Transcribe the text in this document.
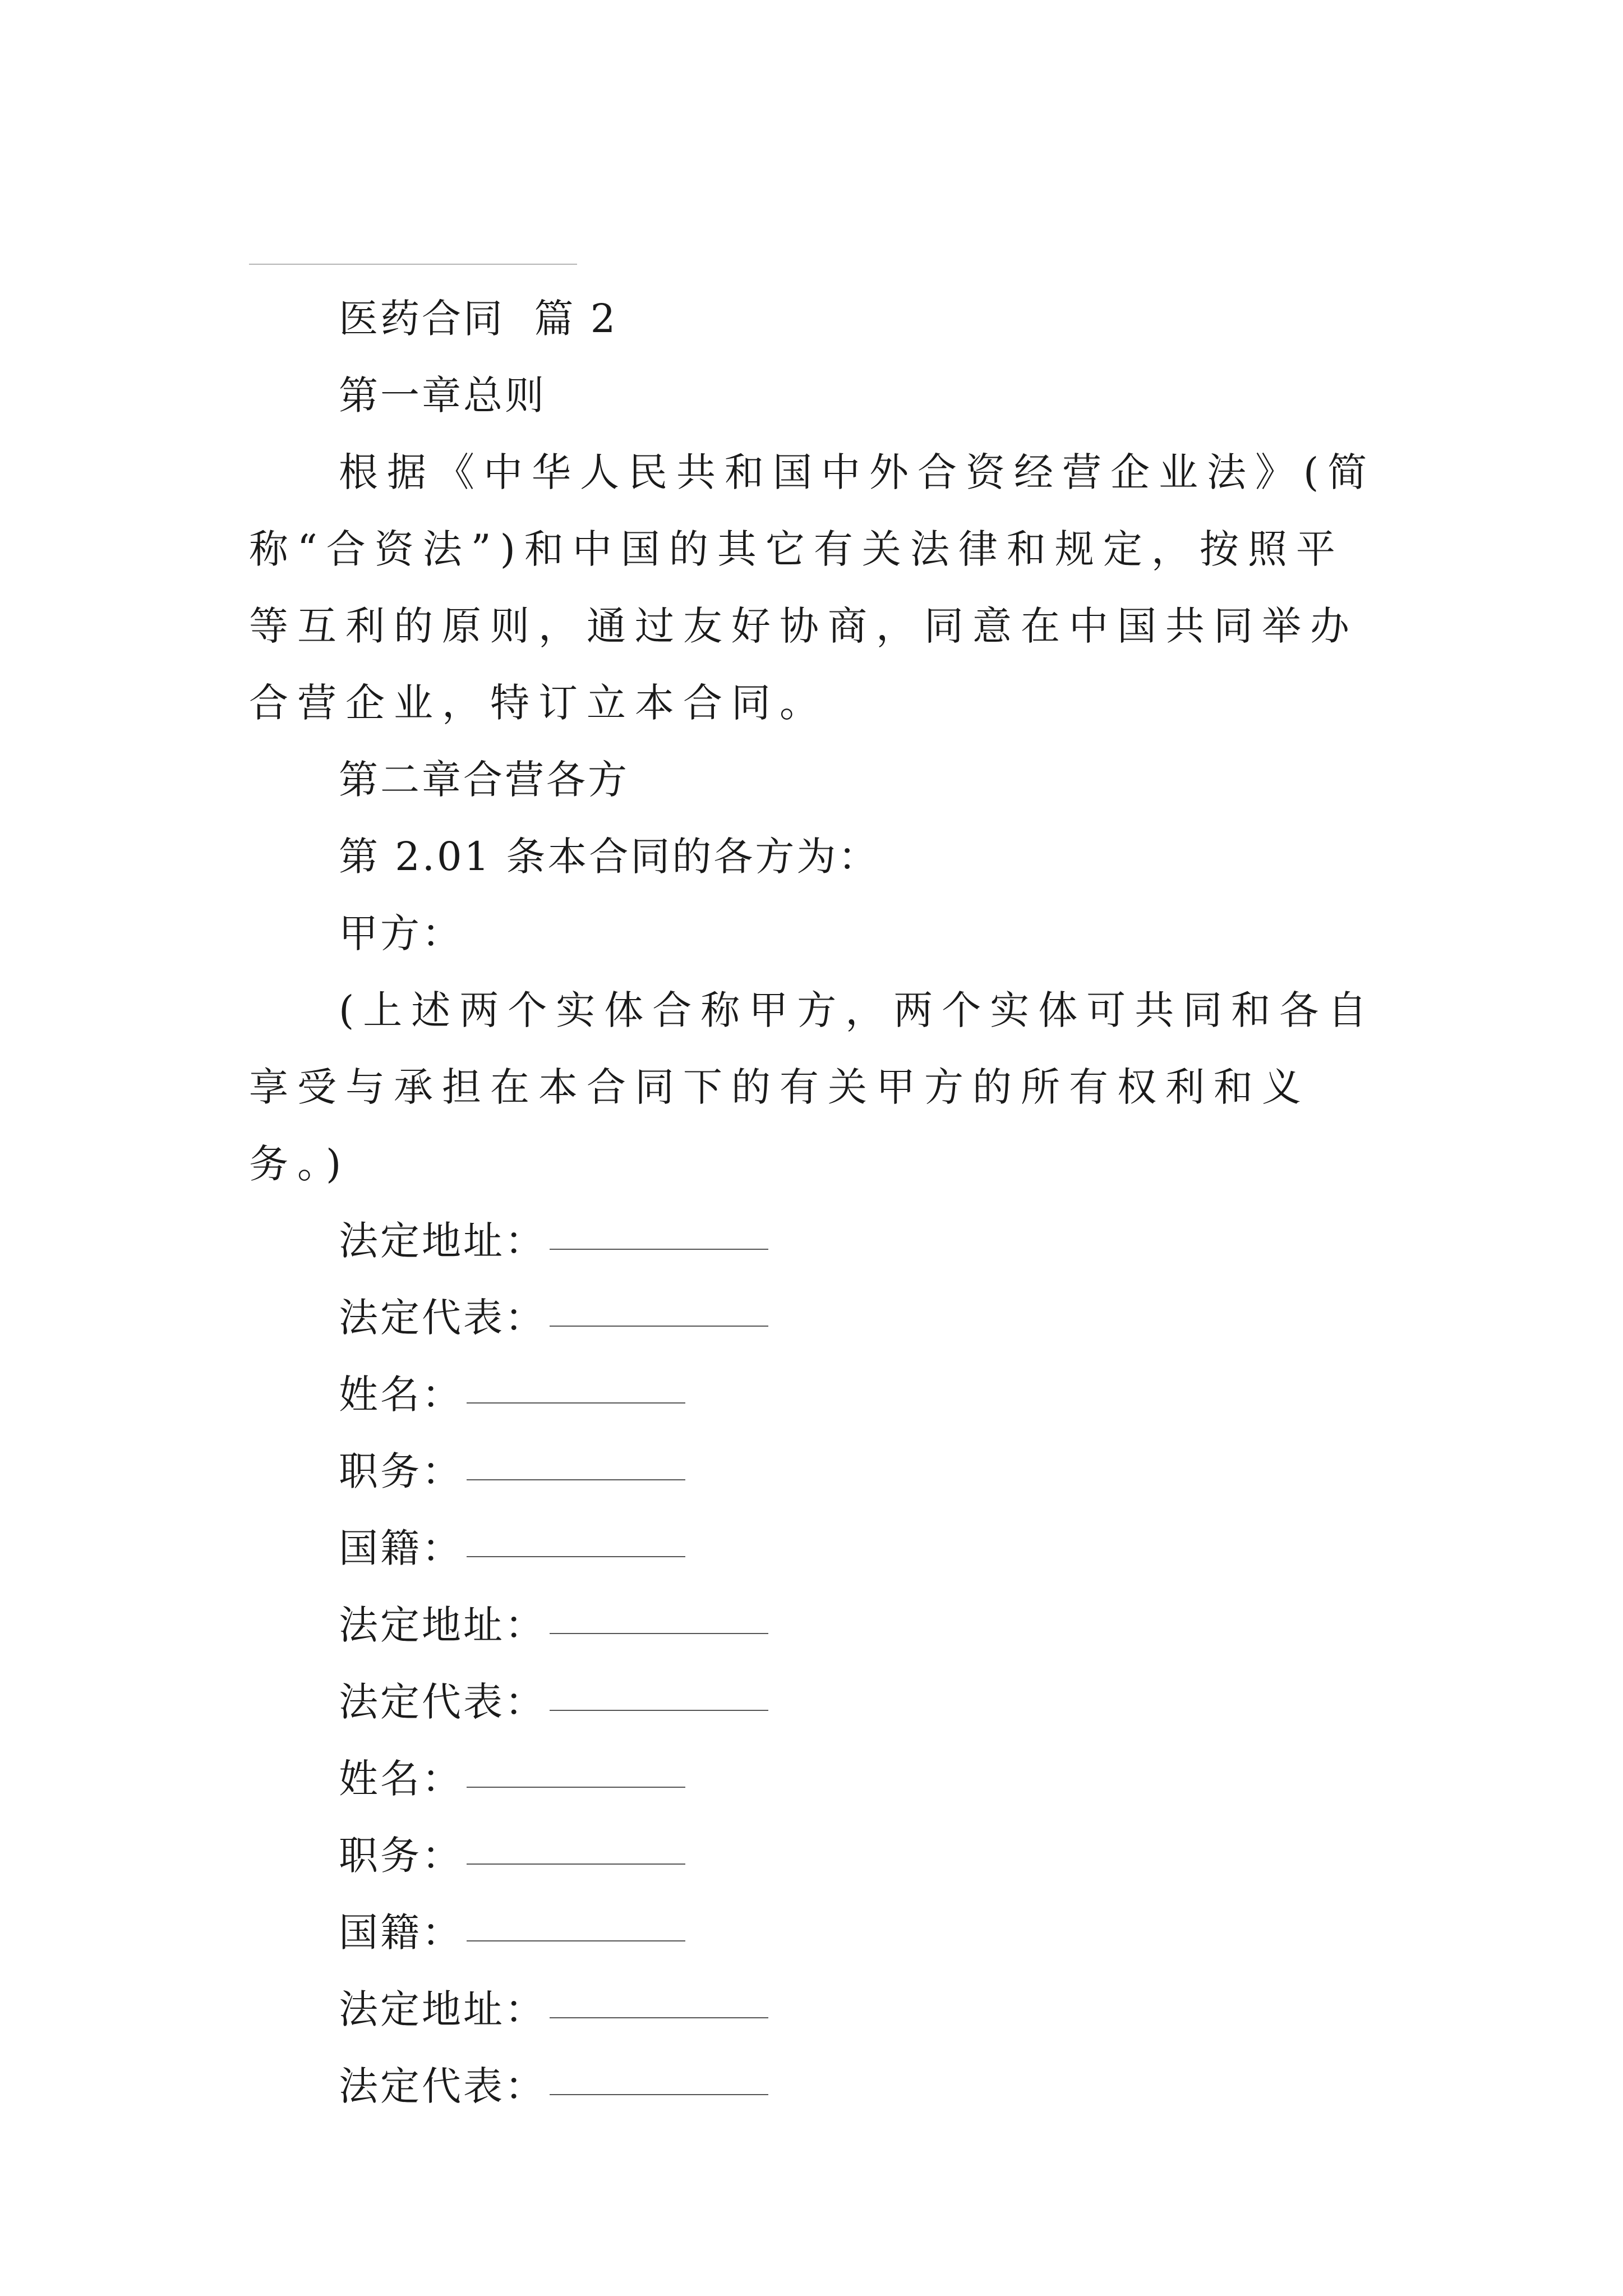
医药合同  篇 2
第一章总则
根据《中华人民共和国中外合资经营企业法》(简称“合资法”)和中国的其它有关法律和规定，按照平等互利的原则，通过友好协商，同意在中国共同举办合营企业，特订立本合同。
第二章合营各方
第 2.01 条本合同的各方为：
甲方：
(上述两个实体合称甲方，两个实体可共同和各自享受与承担在本合同下的有关甲方的所有权利和义务。)
法定地址：
法定代表：
姓名：
职务：
国籍：
法定地址：
法定代表：
姓名：
职务：
国籍：
法定地址：
法定代表：
